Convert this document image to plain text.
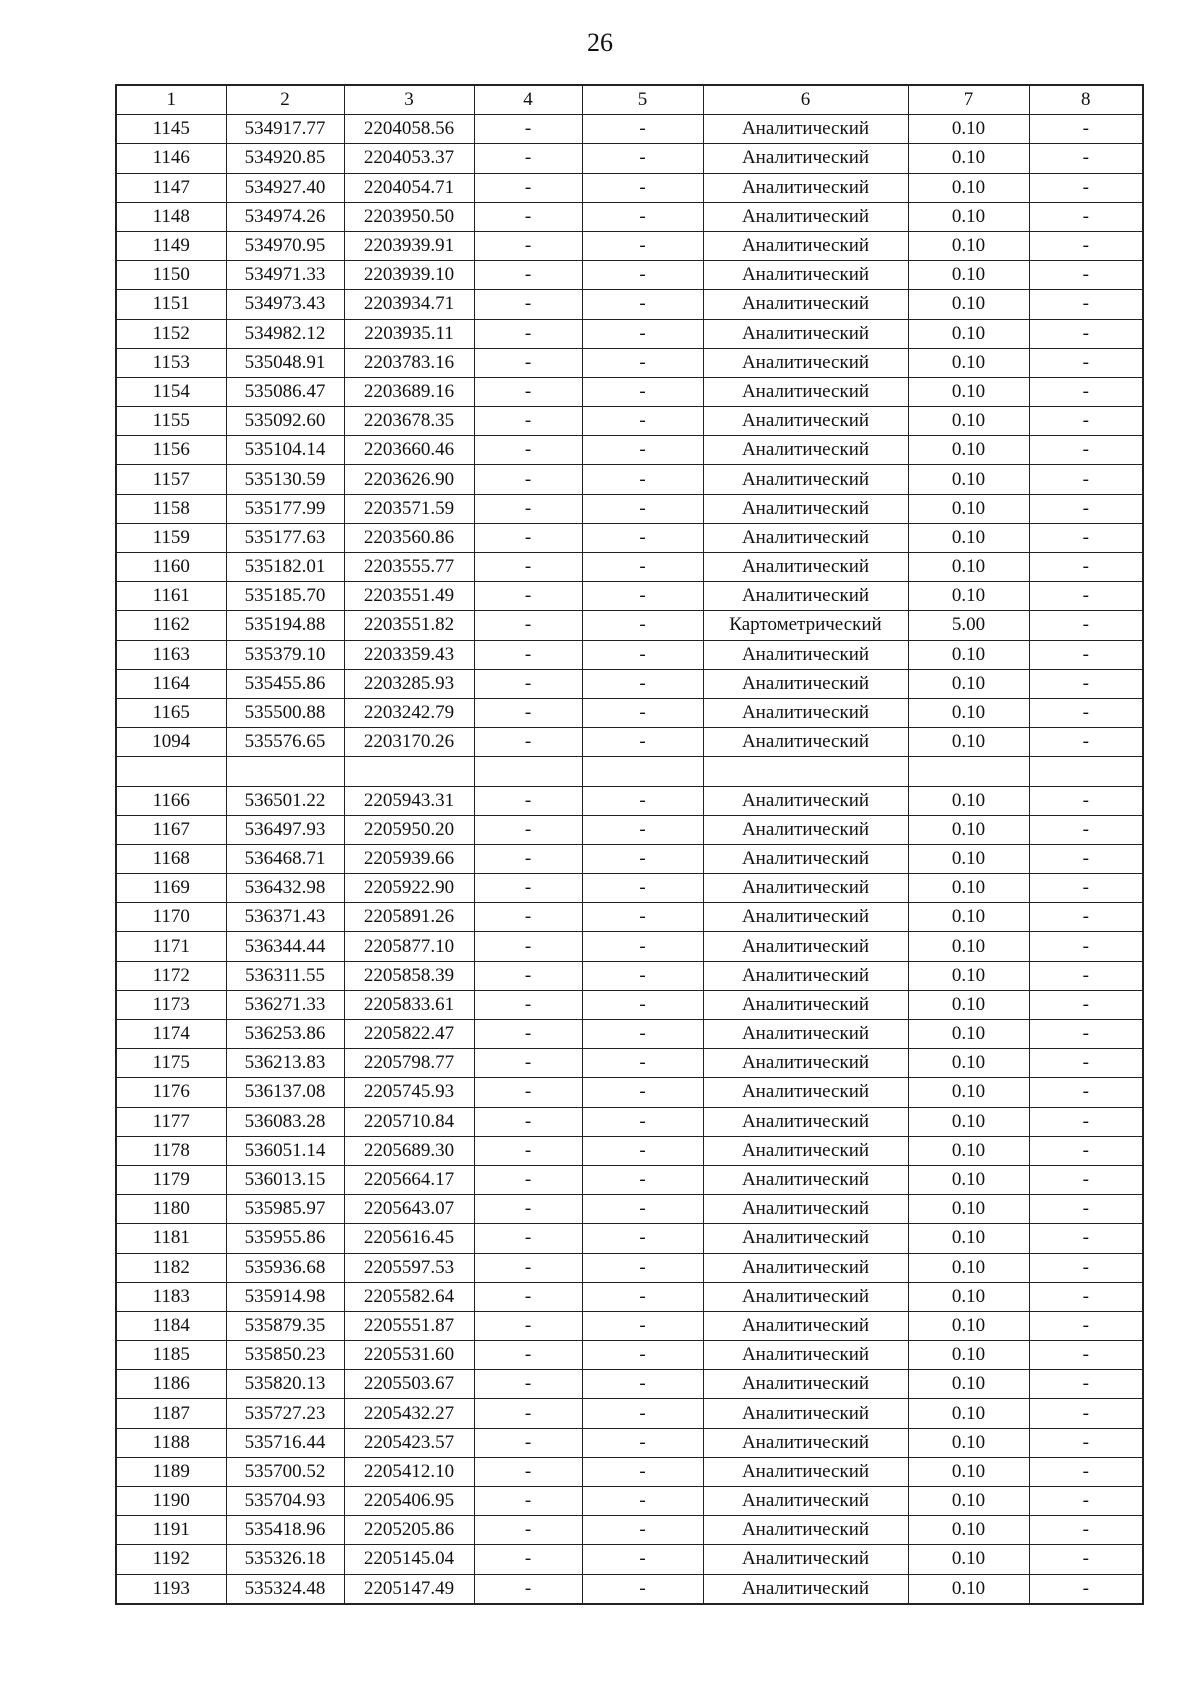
26
1	2	3	4	5	6	7	8
1145	534917.77	2204058.56	-	-	Аналитический	0.10	-
1146	534920.85	2204053.37	-	-	Аналитический	0.10	-
1147	534927.40	2204054.71	-	-	Аналитический	0.10	-
1148	534974.26	2203950.50	-	-	Аналитический	0.10	-
1149	534970.95	2203939.91	-	-	Аналитический	0.10	-
1150	534971.33	2203939.10	-	-	Аналитический	0.10	-
1151	534973.43	2203934.71	-	-	Аналитический	0.10	-
1152	534982.12	2203935.11	-	-	Аналитический	0.10	-
1153	535048.91	2203783.16	-	-	Аналитический	0.10	-
1154	535086.47	2203689.16	-	-	Аналитический	0.10	-
1155	535092.60	2203678.35	-	-	Аналитический	0.10	-
1156	535104.14	2203660.46	-	-	Аналитический	0.10	-
1157	535130.59	2203626.90	-	-	Аналитический	0.10	-
1158	535177.99	2203571.59	-	-	Аналитический	0.10	-
1159	535177.63	2203560.86	-	-	Аналитический	0.10	-
1160	535182.01	2203555.77	-	-	Аналитический	0.10	-
1161	535185.70	2203551.49	-	-	Аналитический	0.10	-
1162	535194.88	2203551.82	-	-	Картометрический	5.00	-
1163	535379.10	2203359.43	-	-	Аналитический	0.10	-
1164	535455.86	2203285.93	-	-	Аналитический	0.10	-
1165	535500.88	2203242.79	-	-	Аналитический	0.10	-
1094	535576.65	2203170.26	-	-	Аналитический	0.10	-

1166	536501.22	2205943.31	-	-	Аналитический	0.10	-
1167	536497.93	2205950.20	-	-	Аналитический	0.10	-
1168	536468.71	2205939.66	-	-	Аналитический	0.10	-
1169	536432.98	2205922.90	-	-	Аналитический	0.10	-
1170	536371.43	2205891.26	-	-	Аналитический	0.10	-
1171	536344.44	2205877.10	-	-	Аналитический	0.10	-
1172	536311.55	2205858.39	-	-	Аналитический	0.10	-
1173	536271.33	2205833.61	-	-	Аналитический	0.10	-
1174	536253.86	2205822.47	-	-	Аналитический	0.10	-
1175	536213.83	2205798.77	-	-	Аналитический	0.10	-
1176	536137.08	2205745.93	-	-	Аналитический	0.10	-
1177	536083.28	2205710.84	-	-	Аналитический	0.10	-
1178	536051.14	2205689.30	-	-	Аналитический	0.10	-
1179	536013.15	2205664.17	-	-	Аналитический	0.10	-
1180	535985.97	2205643.07	-	-	Аналитический	0.10	-
1181	535955.86	2205616.45	-	-	Аналитический	0.10	-
1182	535936.68	2205597.53	-	-	Аналитический	0.10	-
1183	535914.98	2205582.64	-	-	Аналитический	0.10	-
1184	535879.35	2205551.87	-	-	Аналитический	0.10	-
1185	535850.23	2205531.60	-	-	Аналитический	0.10	-
1186	535820.13	2205503.67	-	-	Аналитический	0.10	-
1187	535727.23	2205432.27	-	-	Аналитический	0.10	-
1188	535716.44	2205423.57	-	-	Аналитический	0.10	-
1189	535700.52	2205412.10	-	-	Аналитический	0.10	-
1190	535704.93	2205406.95	-	-	Аналитический	0.10	-
1191	535418.96	2205205.86	-	-	Аналитический	0.10	-
1192	535326.18	2205145.04	-	-	Аналитический	0.10	-
1193	535324.48	2205147.49	-	-	Аналитический	0.10	-
